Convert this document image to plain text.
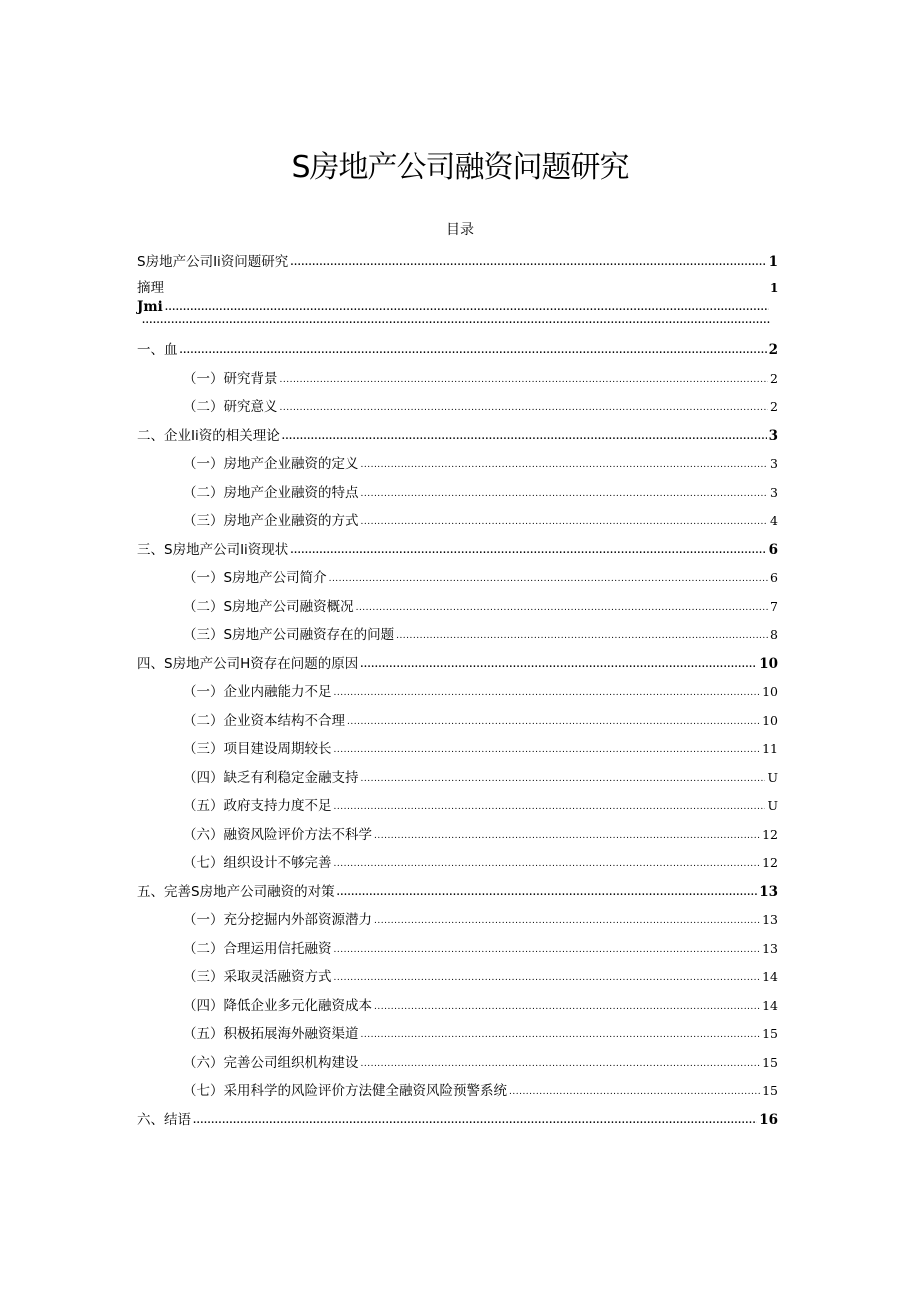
S房地产公司融资问题研究
目录
S房地产公司Ii资问题研究 .....	1
摘理	1
Jmi
.....
.....
一、血 .....	2
（一）研究背景 .....	2
（二）研究意义 .....	2
二、企业Ii资的相关理论 .....	3
（一）房地产企业融资的定义 .....	3
（二）房地产企业融资的特点 .....	3
（三）房地产企业融资的方式 .....	4
三、S房地产公司Ii资现状 .....	6
（一）S房地产公司简介 .....	6
（二）S房地产公司融资概况 .....	7
（三）S房地产公司融资存在的问题 .....	8
四、S房地产公司H资存在问题的原因 .....	10
（一）企业内融能力不足 .....	10
（二）企业资本结构不合理 .....	10
（三）项目建设周期较长 .....	11
（四）缺乏有利稳定金融支持 .....	U
（五）政府支持力度不足 .....	U
（六）融资风险评价方法不科学 .....	12
（七）组织设计不够完善 .....	12
五、完善S房地产公司融资的对策 .....	13
（一）充分挖掘内外部资源潜力 .....	13
（二）合理运用信托融资 .....	13
（三）采取灵活融资方式 .....	14
（四）降低企业多元化融资成本 .....	14
（五）积极拓展海外融资渠道 .....	15
（六）完善公司组织机构建设 .....	15
（七）采用科学的风险评价方法健全融资风险预警系统 .....	15
六、结语 .....	16
